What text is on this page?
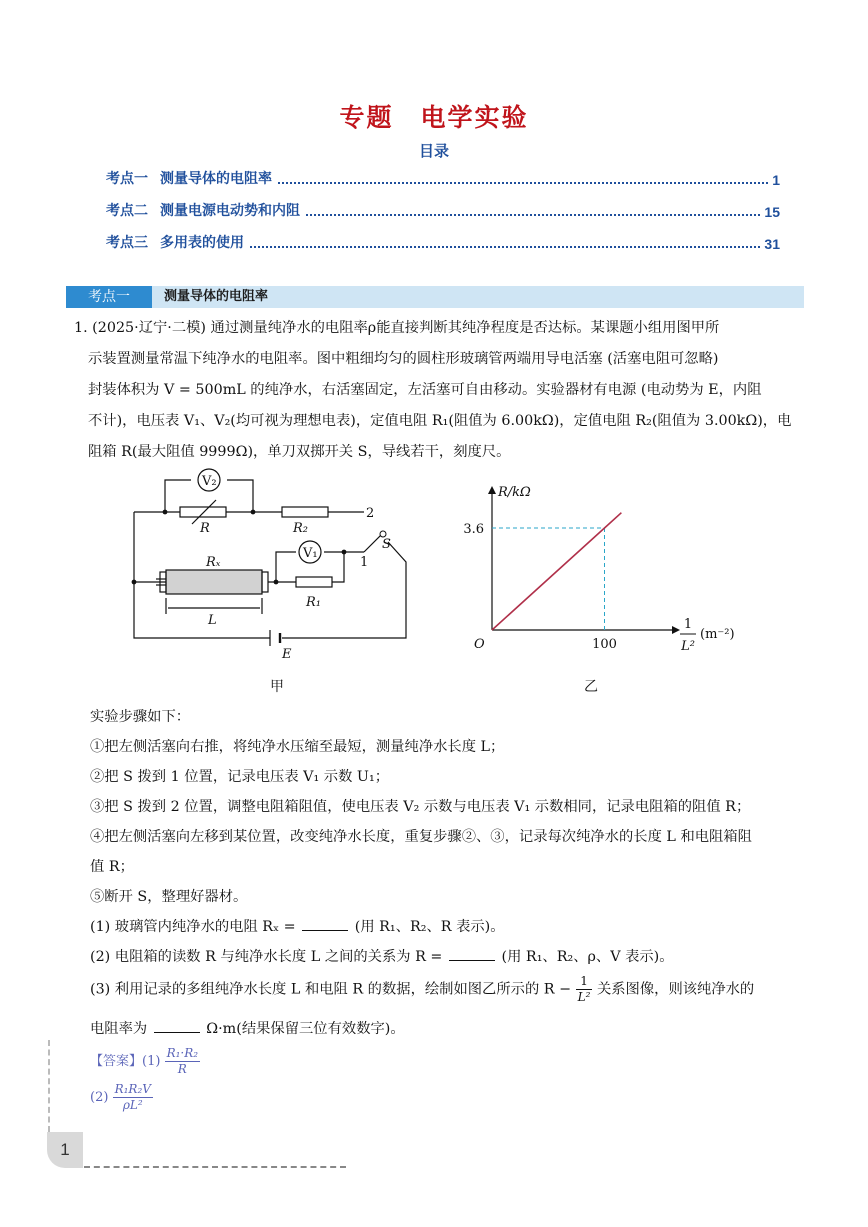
专题　电学实验
目录
考点一 测量导体的电阻率	1
考点二 测量电源电动势和内阻	15
考点三 多用表的使用	31
考点一	测量导体的电阻率
1. (2025·辽宁·二模) 通过测量纯净水的电阻率ρ能直接判断其纯净程度是否达标。某课题小组用图甲所
示装置测量常温下纯净水的电阻率。图中粗细均匀的圆柱形玻璃管两端用导电活塞 (活塞电阻可忽略)
封装体积为 V = 500mL 的纯净水，右活塞固定，左活塞可自由移动。实验器材有电源 (电动势为 E，内阻
不计)，电压表 V₁、V₂(均可视为理想电表)，定值电阻 R₁(阻值为 6.00kΩ)，定值电阻 R₂(阻值为 3.00kΩ)，电
阻箱 R(最大阻值 9999Ω)，单刀双掷开关 S，导线若干，刻度尺。
V₂
R	R₂
2
S
Rₓ
V₁
1
L
R₁
E
甲
R/kΩ
O	100
3.6
1
L²
(m⁻²)
乙
实验步骤如下：
①把左侧活塞向右推，将纯净水压缩至最短，测量纯净水长度 L；
②把 S 拨到 1 位置，记录电压表 V₁ 示数 U₁；
③把 S 拨到 2 位置，调整电阻箱阻值，使电压表 V₂ 示数与电压表 V₁ 示数相同，记录电阻箱的阻值 R；
④把左侧活塞向左移到某位置，改变纯净水长度，重复步骤②、③，记录每次纯净水的长度 L 和电阻箱阻
值 R；
⑤断开 S，整理好器材。
(1) 玻璃管内纯净水的电阻 Rₓ =	(用 R₁、R₂、R 表示)。
(2) 电阻箱的读数 R 与纯净水长度 L 之间的关系为 R =	(用 R₁、R₂、ρ、V 表示)。
(3) 利用记录的多组纯净水长度 L 和电阻 R 的数据，绘制如图乙所示的 $R - \frac{1}{\text{L²}}$ 关系图像，则该纯净水的
电阻率为	Ω·m(结果保留三位有效数字)。
【答案】$(1) \frac{\text{R₁·R₂}}{R}$
$(2) \frac{\text{R₁R₂V}}{\text{ρL²}}$
1
